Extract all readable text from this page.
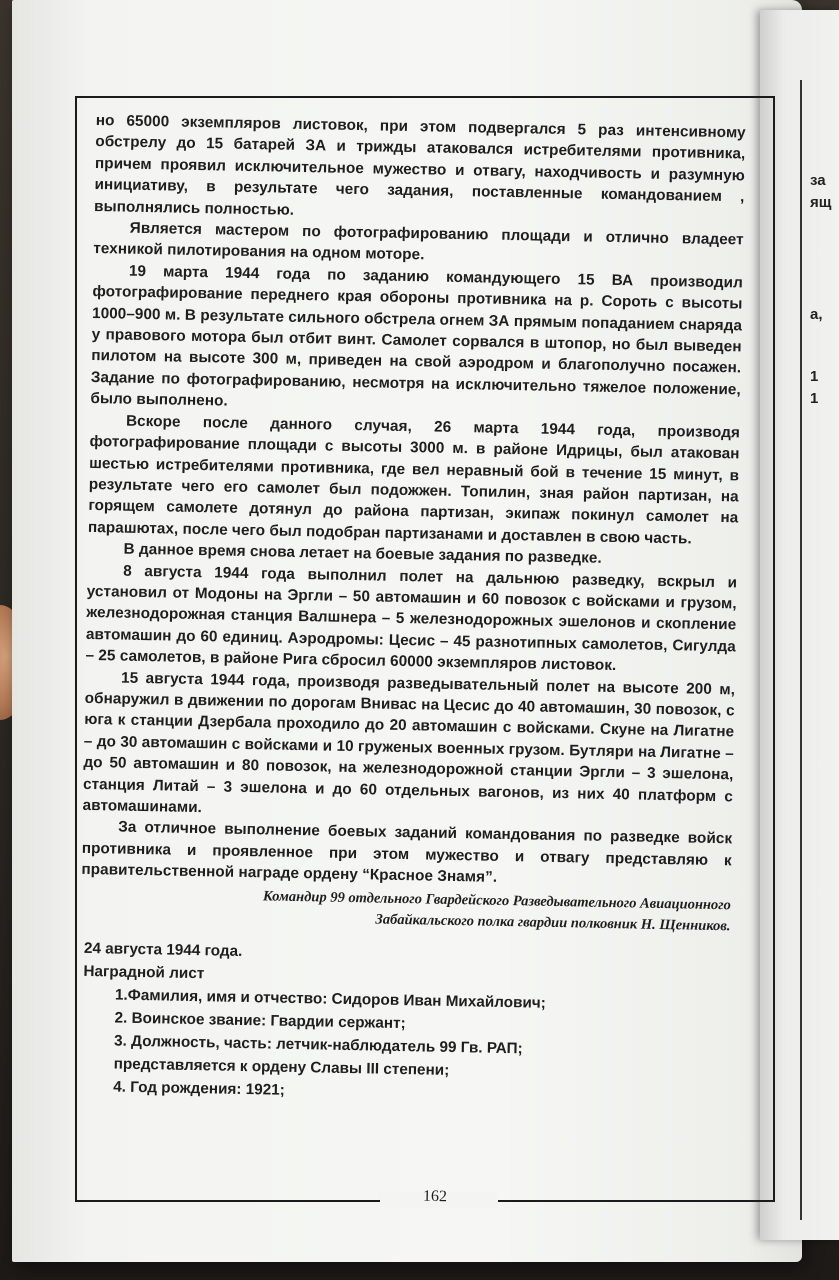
за
ящ
а,
1
1

но 65000 экземпляров листовок, при этом подвергался 5 раз интенсивному обстрелу до 15 батарей ЗА и трижды атаковался истребителями противника, причем проявил исключительное мужество и отвагу, находчивость и разумную инициативу, в результате чего задания, поставленные командованием , выполнялись полностью.

Является мастером по фотографированию площади и отлично владеет техникой пилотирования на одном моторе.

19 марта 1944 года по заданию командующего 15 ВА производил фотографирование переднего края обороны противника на р. Сороть с высоты 1000–900 м. В результате сильного обстрела огнем ЗА прямым попаданием снаряда у правового мотора был отбит винт. Самолет сорвался в штопор, но был выведен пилотом на высоте 300 м, приведен на свой аэродром и благополучно посажен. Задание по фотографированию, несмотря на исключительно тяжелое положение, было выполнено.

Вскоре после данного случая, 26 марта 1944 года, производя фотографирование площади с высоты 3000 м. в районе Идрицы, был атакован шестью истребителями противника, где вел неравный бой в течение 15 минут, в результате чего его самолет был подожжен. Топилин, зная район партизан, на горящем самолете дотянул до района партизан, экипаж покинул самолет на парашютах, после чего был подобран партизанами и доставлен в свою часть.

В данное время снова летает на боевые задания по разведке.

8 августа 1944 года выполнил полет на дальнюю разведку, вскрыл и установил от Модоны на Эргли – 50 автомашин и 60 повозок с войсками и грузом, железнодорожная станция Валшнера – 5 железнодорожных эшелонов и скопление автомашин до 60 единиц. Аэродромы: Цесис – 45 разнотипных самолетов, Сигулда – 25 самолетов, в районе Рига сбросил 60000 экземпляров листовок.

15 августа 1944 года, производя разведывательный полет на высоте 200 м, обнаружил в движении по дорогам Внивас на Цесис до 40 автомашин, 30 повозок, с юга к станции Дзербала проходило до 20 автомашин с войсками. Скуне на Лигатне – до 30 автомашин с войсками и 10 груженых военных грузом. Бутляри на Лигатне – до 50 автомашин и 80 повозок, на железнодорожной станции Эргли – 3 эшелона, станция Литай – 3 эшелона и до 60 отдельных вагонов, из них 40 платформ с автомашинами.

За отличное выполнение боевых заданий командования по разведке войск противника и проявленное при этом мужество и отвагу представляю к правительственной награде ордену “Красное Знамя”.

Командир 99 отдельного Гвардейского Разведывательного Авиационного
Забайкальского полка гвардии полковник Н. Щенников.
24 августа 1944 года.
Наградной лист
1.Фамилия, имя и отчество: Сидоров Иван Михайлович;
2. Воинское звание: Гвардии сержант;
3. Должность, часть: летчик-наблюдатель 99 Гв. РАП;
представляется к ордену Славы III степени;
4. Год рождения: 1921;
162
